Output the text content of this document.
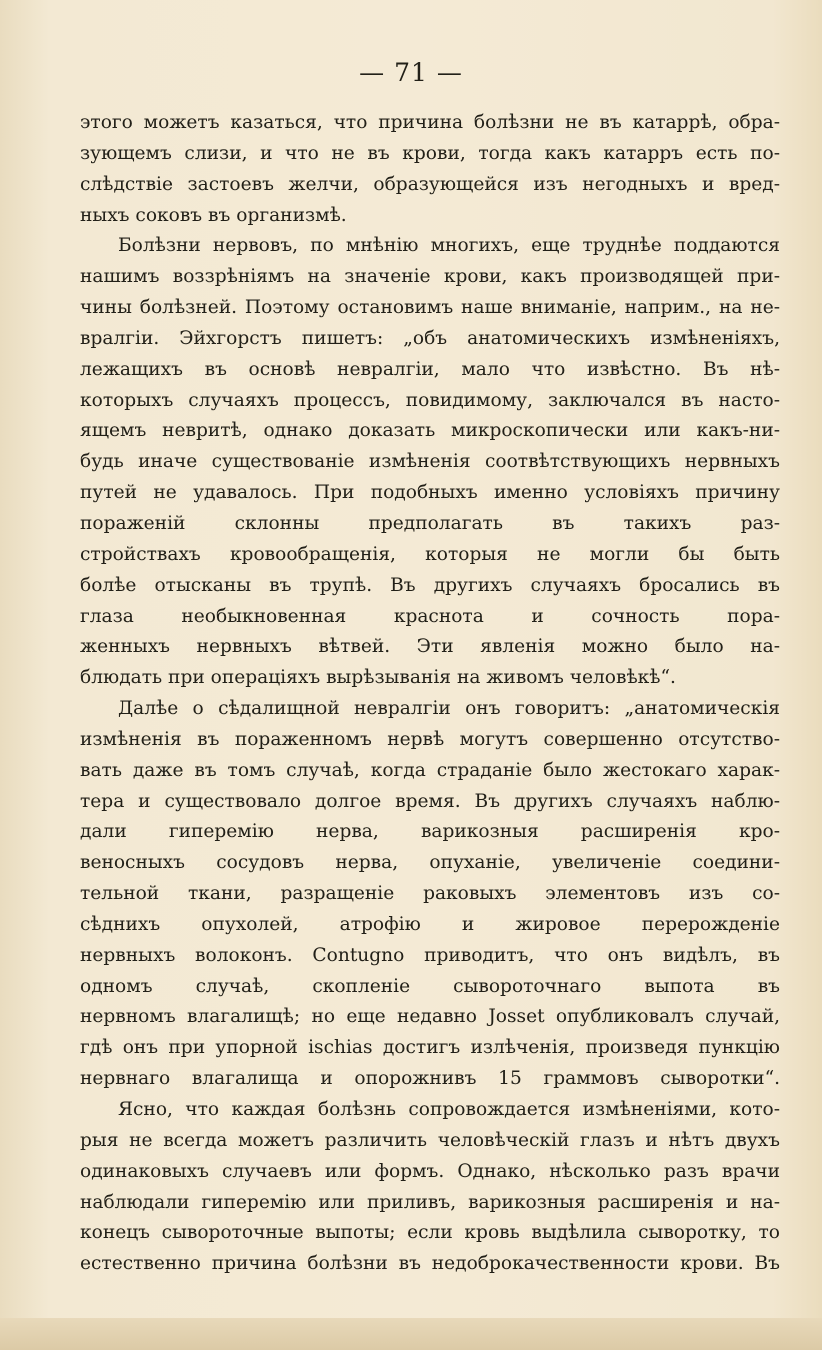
— 71 —
этого можетъ казаться, что причина болѣзни не въ катаррѣ, обра-
зующемъ слизи, и что не въ крови, тогда какъ катарръ есть по-
слѣдствіе застоевъ желчи, образующейся изъ негодныхъ и вред-
ныхъ соковъ въ организмѣ.
Болѣзни нервовъ, по мнѣнію многихъ, еще труднѣе поддаются
нашимъ воззрѣніямъ на значеніе крови, какъ производящей при-
чины болѣзней. Поэтому остановимъ наше вниманіе, наприм., на не-
вралгіи. Эйхгорстъ пишетъ: „объ анатомическихъ измѣненіяхъ,
лежащихъ въ основѣ невралгіи, мало что извѣстно. Въ нѣ-
которыхъ случаяхъ процессъ, повидимому, заключался въ насто-
ящемъ невритѣ, однако доказать микроскопически или какъ-ни-
будь иначе существованіе измѣненія соотвѣтствующихъ нервныхъ
путей не удавалось. При подобныхъ именно условіяхъ причину
пораженій склонны предполагать въ такихъ раз-
стройствахъ кровообращенія, которыя не могли бы быть
болѣе отысканы въ трупѣ. Въ другихъ случаяхъ бросались въ
глаза необыкновенная краснота и сочность пора-
женныхъ нервныхъ вѣтвей. Эти явленія можно было на-
блюдать при операціяхъ вырѣзыванія на живомъ человѣкѣ“.
Далѣе о сѣдалищной невралгіи онъ говоритъ: „анатомическія
измѣненія въ пораженномъ нервѣ могутъ совершенно отсутство-
вать даже въ томъ случаѣ, когда страданіе было жестокаго харак-
тера и существовало долгое время. Въ другихъ случаяхъ наблю-
дали гиперемію нерва, варикозныя расширенія кро-
веносныхъ сосудовъ нерва, опуханіе, увеличеніе соедини-
тельной ткани, разращеніе раковыхъ элементовъ изъ со-
сѣднихъ опухолей, атрофію и жировое перерожденіе
нервныхъ волоконъ. Contugno приводитъ, что онъ видѣлъ, въ
одномъ случаѣ, скопленіе сывороточнаго выпота въ
нервномъ влагалищѣ; но еще недавно Josset опубликовалъ случай,
гдѣ онъ при упорной ischias достигъ излѣченія, произведя пункцію
нервнаго влагалища и опорожнивъ 15 граммовъ сыворотки“.
Ясно, что каждая болѣзнь сопровождается измѣненіями, кото-
рыя не всегда можетъ различить человѣческій глазъ и нѣтъ двухъ
одинаковыхъ случаевъ или формъ. Однако, нѣсколько разъ врачи
наблюдали гиперемію или приливъ, варикозныя расширенія и на-
конецъ сывороточные выпоты; если кровь выдѣлила сыворотку, то
естественно причина болѣзни въ недоброкачественности крови. Въ
